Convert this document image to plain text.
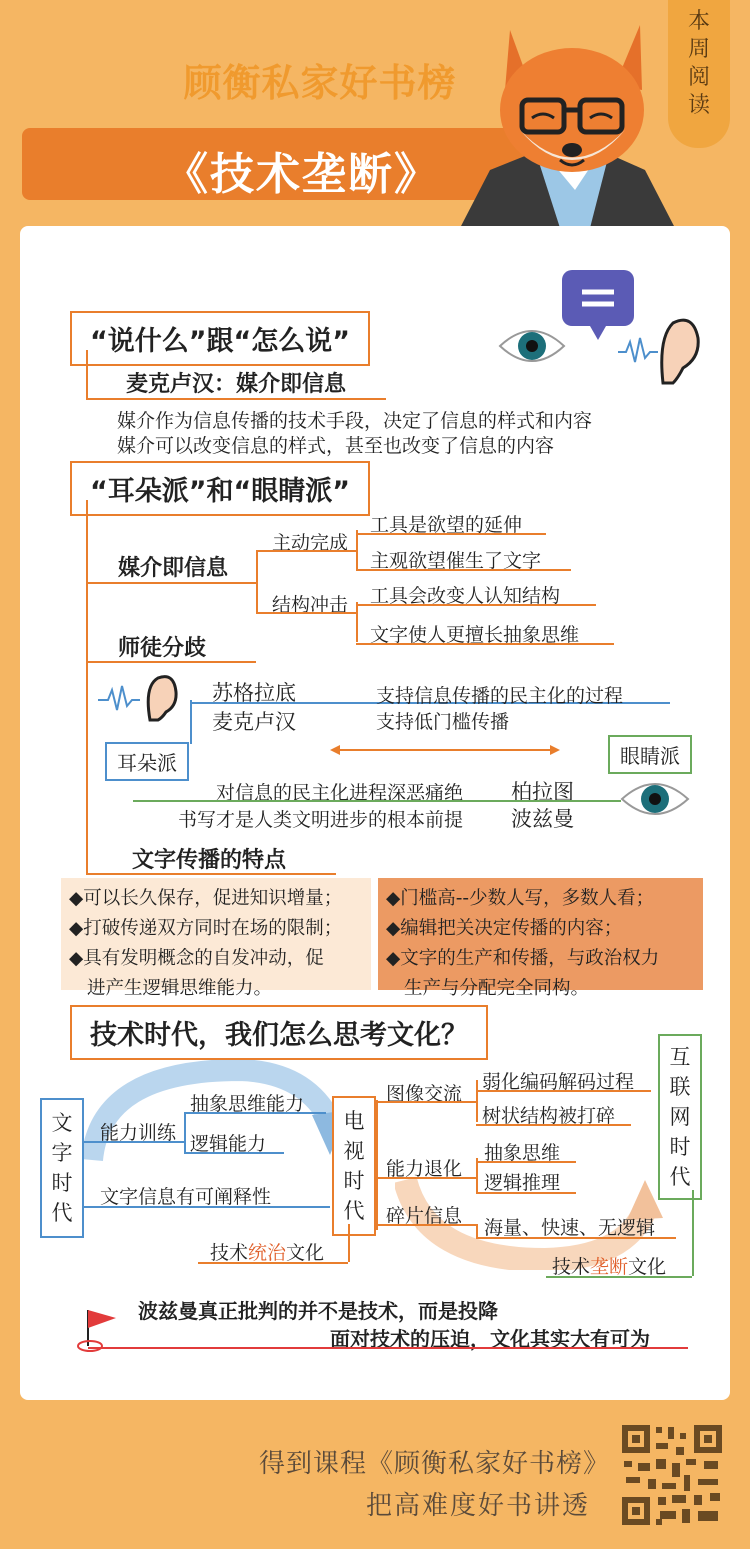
顾衡私家好书榜
《技术垄断》
本
周
阅
读
“说什么”跟“怎么说”
麦克卢汉：媒介即信息
媒介作为信息传播的技术手段，决定了信息的样式和内容
媒介可以改变信息的样式，甚至也改变了信息的内容
“耳朵派”和“眼睛派”
媒介即信息
主动完成
结构冲击
工具是欲望的延伸
主观欲望催生了文字
工具会改变人认知结构
文字使人更擅长抽象思维
师徒分歧
耳朵派
苏格拉底
麦克卢汉
支持信息传播的民主化的过程
支持低门槛传播
眼睛派
对信息的民主化进程深恶痛绝
书写才是人类文明进步的根本前提
柏拉图
波兹曼
文字传播的特点
◆可以长久保存，促进知识增量；
◆打破传递双方同时在场的限制；
◆具有发明概念的自发冲动，促
进产生逻辑思维能力。
◆门槛高--少数人写，多数人看；
◆编辑把关决定传播的内容；
◆文字的生产和传播，与政治权力
生产与分配完全同构。
技术时代，我们怎么思考文化？
文
字
时
代
能力训练
抽象思维能力
逻辑能力
文字信息有可阐释性
电
视
时
代
图像交流
弱化编码解码过程
树状结构被打碎
能力退化
抽象思维
逻辑推理
碎片信息
海量、快速、无逻辑
技术统治文化
互
联
网
时
代
技术垄断文化
波兹曼真正批判的并不是技术，而是投降
面对技术的压迫，文化其实大有可为
得到课程《顾衡私家好书榜》
把高难度好书讲透
